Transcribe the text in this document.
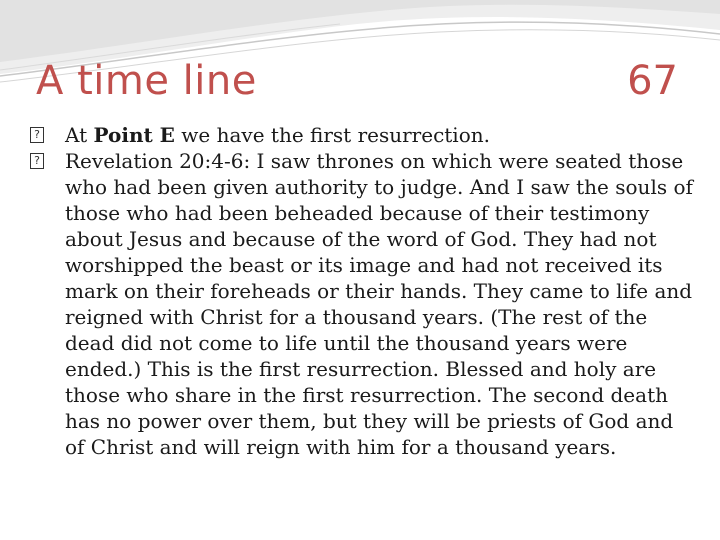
A time line	67

? At Point E we have the first resurrection.

? Revelation 20:4-6: I saw thrones on which were seated those who had been given authority to judge. And I saw the souls of those who had been beheaded because of their testimony about Jesus and because of the word of God. They had not worshipped the beast or its image and had not received its mark on their foreheads or their hands. They came to life and reigned with Christ for a thousand years. (The rest of the dead did not come to life until the thousand years were ended.) This is the first resurrection. Blessed and holy are those who share in the first resurrection. The second death has no power over them, but they will be priests of God and of Christ and will reign with him for a thousand years.
